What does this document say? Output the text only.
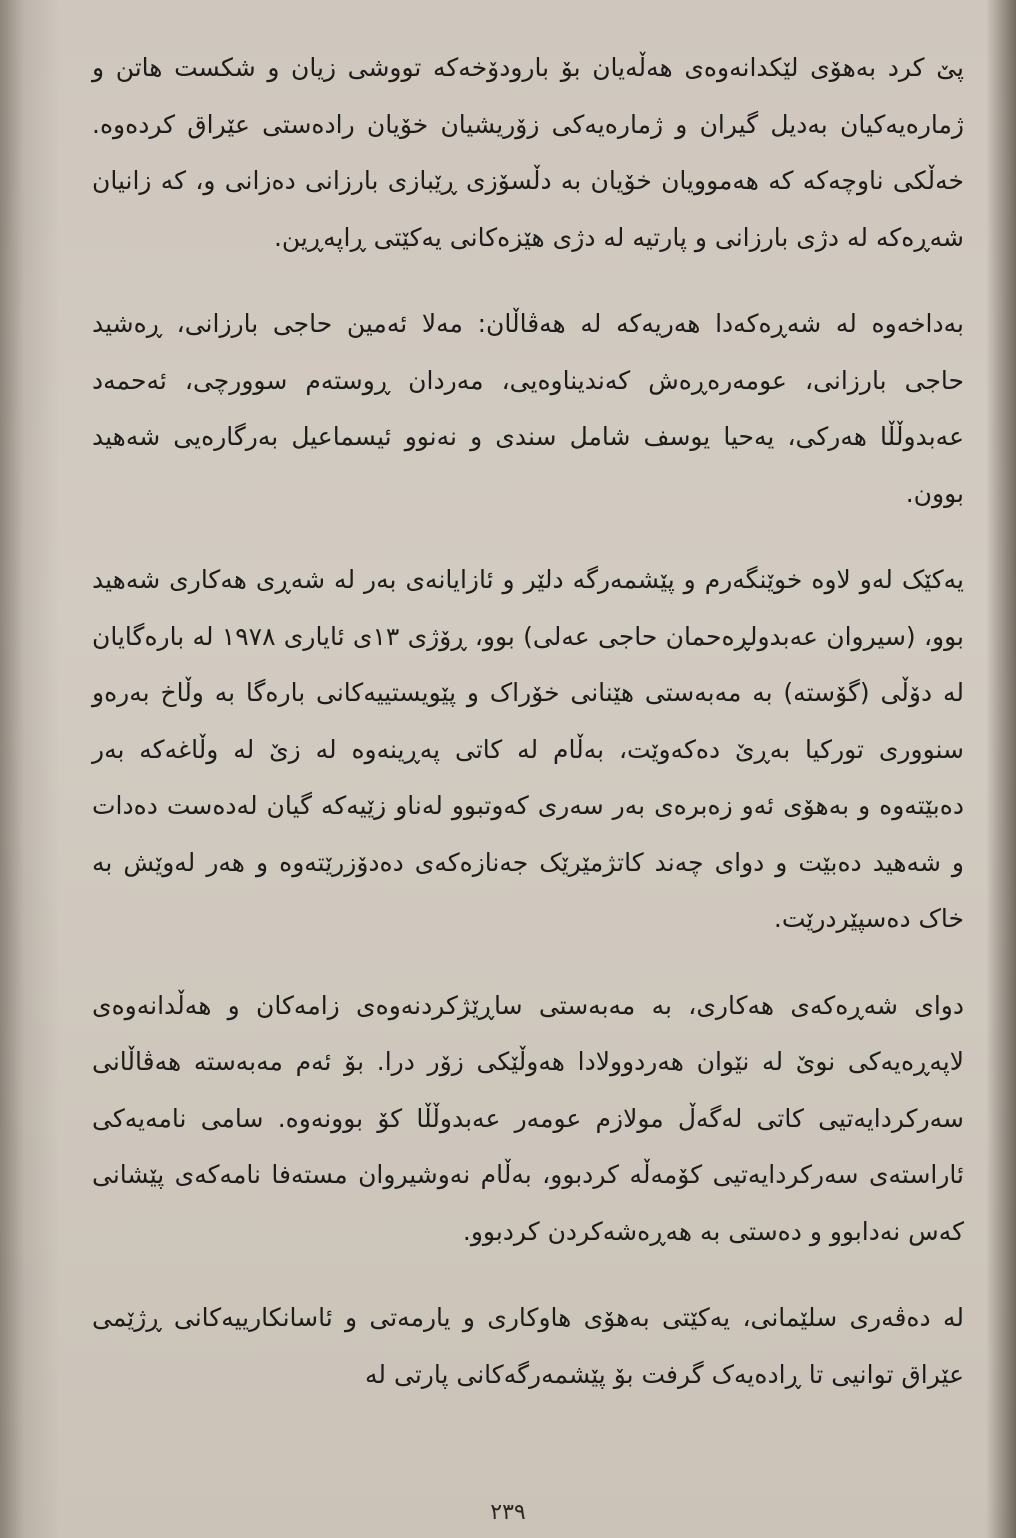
پێ کرد بەهۆی لێکدانەوەی هەڵەیان بۆ بارودۆخەکە تووشی زیان و شکست هاتن و ژمارەیەکیان بەدیل گیران و ژمارەیەکی زۆریشیان خۆیان رادەستی عێراق کردەوە. خەڵکی ناوچەکە کە هەموویان خۆیان بە دڵسۆزی ڕێبازی بارزانی دەزانی و، کە زانیان شەڕەکە لە دژی بارزانی و پارتیە لە دژی هێزەکانی یەکێتی ڕاپەڕین.

بەداخەوە لە شەڕەکەدا هەریەکە لە هەڤاڵان: مەلا ئەمین حاجی بارزانی، ڕەشید حاجی بارزانی، عومەرەڕەش کەندیناوەیی، مەردان ڕوستەم سوورچی، ئەحمەد عەبدوڵڵا هەرکی، یەحیا یوسف شامل سندی و نەنوو ئیسماعیل بەرگارەیی شەهید بوون.

یەکێک لەو لاوە خوێنگەرم و پێشمەرگە دلێر و ئازایانەی بەر لە شەڕی هەکاری شەهید بوو، (سیروان عەبدولڕەحمان حاجی عەلی) بوو، ڕۆژی ١٣ی ئایاری ١٩٧٨ لە بارەگایان لە دۆڵی (گۆستە) بە مەبەستی هێنانی خۆراک و پێویستییەکانی بارەگا بە وڵاخ بەرەو سنووری تورکیا بەڕێ دەکەوێت، بەڵام لە کاتی پەڕینەوە لە زێ لە وڵاغەکە بەر دەبێتەوە و بەهۆی ئەو زەبرەی بەر سەری کەوتبوو لەناو زێیەکە گیان لەدەست دەدات و شەهید دەبێت و دوای چەند کاتژمێرێک جەنازەکەی دەدۆزرێتەوە و هەر لەوێش بە خاک دەسپێردرێت.

دوای شەڕەکەی هەکاری، بە مەبەستی ساڕێژکردنەوەی زامەکان و هەڵدانەوەی لاپەڕەیەکی نوێ لە نێوان هەردوولادا هەوڵێکی زۆر درا. بۆ ئەم مەبەستە هەڤاڵانی سەرکردایەتیی کاتی لەگەڵ مولازم عومەر عەبدوڵڵا کۆ بوونەوە. سامی نامەیەکی ئاراستەی سەرکردایەتیی کۆمەڵە کردبوو، بەڵام نەوشیروان مستەفا نامەکەی پێشانی کەس نەدابوو و دەستی بە هەڕەشەکردن کردبوو.

لە دەڤەری سلێمانی، یەکێتی بەهۆی هاوکاری و یارمەتی و ئاسانکارییەکانی ڕژێمی عێراق توانیی تا ڕادەیەک گرفت بۆ پێشمەرگەکانی پارتی لە

٢٣٩
